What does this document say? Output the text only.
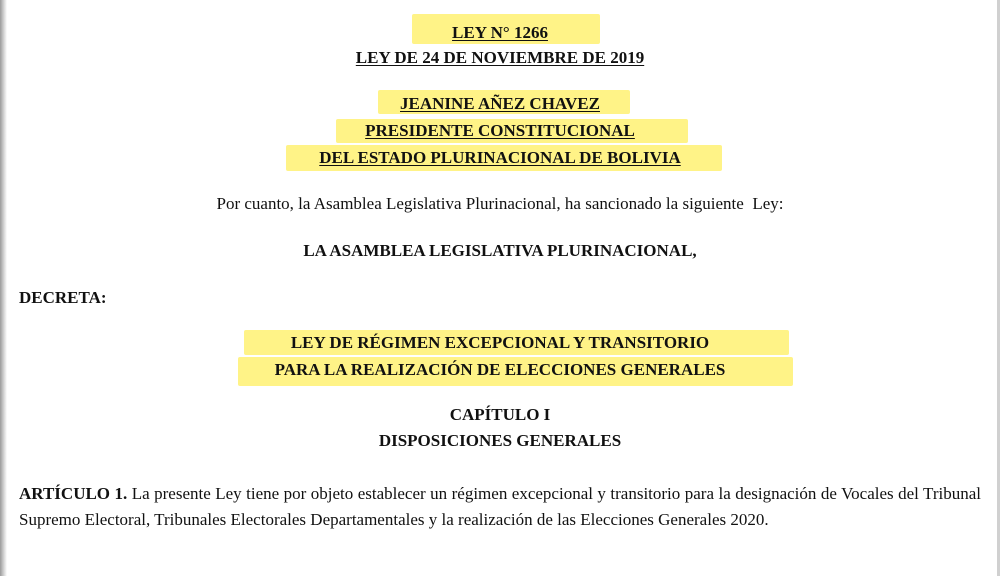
LEY N° 1266
LEY DE 24 DE NOVIEMBRE DE 2019
JEANINE AÑEZ CHAVEZ
PRESIDENTE CONSTITUCIONAL
DEL ESTADO PLURINACIONAL DE BOLIVIA
Por cuanto, la Asamblea Legislativa Plurinacional, ha sancionado la siguiente  Ley:
LA ASAMBLEA LEGISLATIVA PLURINACIONAL,
DECRETA:
LEY DE RÉGIMEN EXCEPCIONAL Y TRANSITORIO
PARA LA REALIZACIÓN DE ELECCIONES GENERALES
CAPÍTULO I
DISPOSICIONES GENERALES
ARTÍCULO 1. La presente Ley tiene por objeto establecer un régimen excepcional y transitorio para la designación de Vocales del Tribunal Supremo Electoral, Tribunales Electorales Departamentales y la realización de las Elecciones Generales 2020.
